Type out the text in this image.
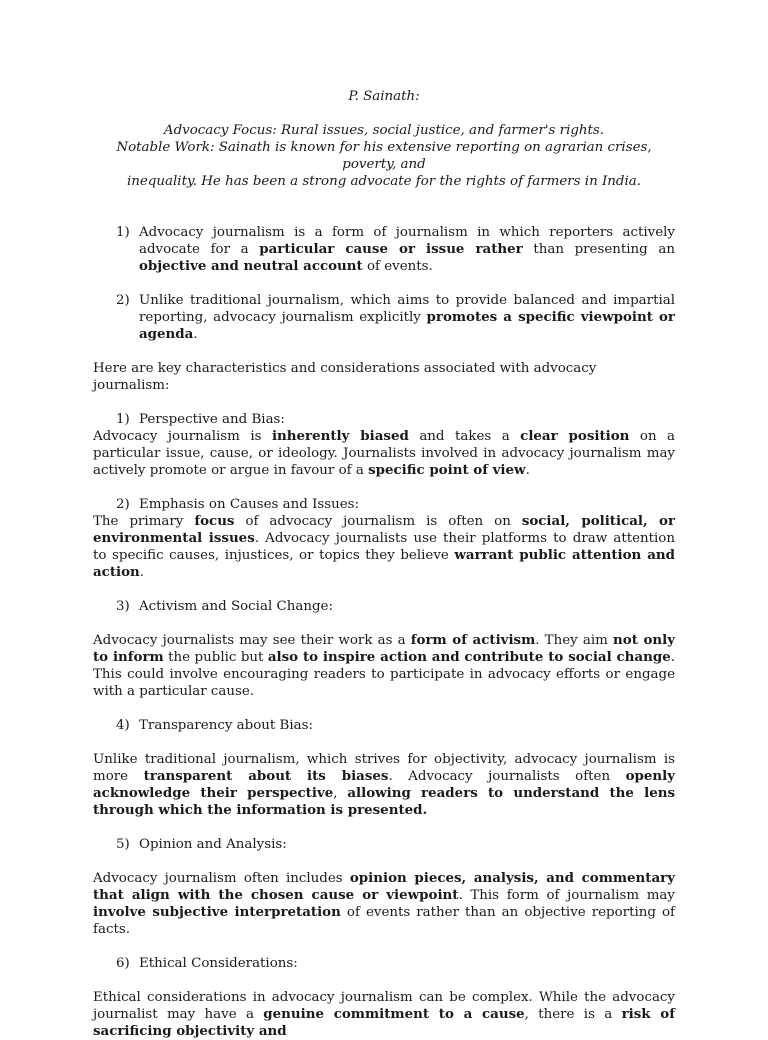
P. Sainath:

Advocacy Focus: Rural issues, social justice, and farmer's rights.

Notable Work: Sainath is known for his extensive reporting on agrarian crises, poverty, and

inequality. He has been a strong advocate for the rights of farmers in India.

1) Advocacy journalism is a form of journalism in which reporters actively advocate for a particular cause or issue rather than presenting an objective and neutral account of events.
2) Unlike traditional journalism, which aims to provide balanced and impartial reporting, advocacy journalism explicitly promotes a specific viewpoint or agenda.

Here are key characteristics and considerations associated with advocacy journalism:

1) Perspective and Bias:

Advocacy journalism is inherently biased and takes a clear position on a particular issue, cause, or ideology. Journalists involved in advocacy journalism may actively promote or argue in favour of a specific point of view.

2) Emphasis on Causes and Issues:

The primary focus of advocacy journalism is often on social, political, or environmental issues. Advocacy journalists use their platforms to draw attention to specific causes, injustices, or topics they believe warrant public attention and action.

3) Activism and Social Change:

Advocacy journalists may see their work as a form of activism. They aim not only to inform the public but also to inspire action and contribute to social change. This could involve encouraging readers to participate in advocacy efforts or engage with a particular cause.

4) Transparency about Bias:

Unlike traditional journalism, which strives for objectivity, advocacy journalism is more transparent about its biases. Advocacy journalists often openly acknowledge their perspective, allowing readers to understand the lens through which the information is presented.

5) Opinion and Analysis:

Advocacy journalism often includes opinion pieces, analysis, and commentary that align with the chosen cause or viewpoint. This form of journalism may involve subjective interpretation of events rather than an objective reporting of facts.

6) Ethical Considerations:

Ethical considerations in advocacy journalism can be complex. While the advocacy journalist may have a genuine commitment to a cause, there is a risk of sacrificing objectivity and
